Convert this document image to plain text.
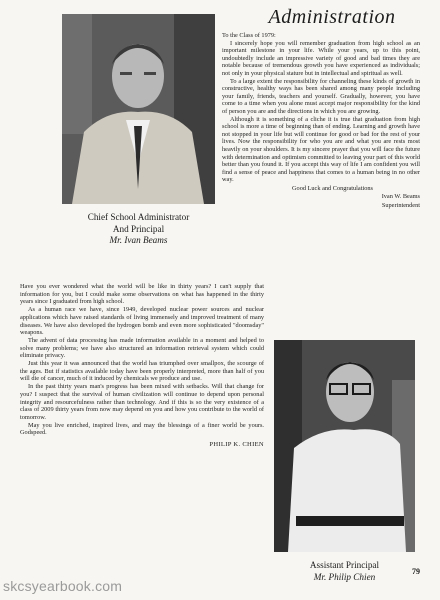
Administration
Chief School Administrator
And Principal
Mr. Ivan Beams

To the Class of 1979:

I sincerely hope you will remember graduation from high school as an important milestone in your life. While your years, up to this point, undoubtedly include an impressive variety of good and bad times they are notable because of tremendous growth you have experienced as individuals; not only in your physical stature but in intellectual and spiritual as well.

To a large extent the responsibility for channeling these kinds of growth in constructive, healthy ways has been shared among many people including your family, friends, teachers and yourself. Gradually, however, you have come to a time when you alone must accept major responsibility for the kind of person you are and the directions in which you are growing.

Although it is something of a cliche it is true that graduation from high school is more a time of beginning than of ending. Learning and growth have not stopped in your life but will continue for good or bad for the rest of your lives. Now the responsibility for who you are and what you are rests most heavily on your shoulders. It is my sincere prayer that you will face the future with determination and optimism committed to leaving your part of this world better than you found it. If you accept this way of life I am confident you will find a sense of peace and happiness that comes to a human being in no other way.

Good Luck and Congratulations

Ivan W. Beams

Superintendent

Have you ever wondered what the world will be like in thirty years? I can't supply that information for you, but I could make some observations on what has happened in the thirty years since I graduated from high school.

As a human race we have, since 1949, developed nuclear power sources and nuclear applications which have raised standards of living immensely and improved treatment of many diseases. We have also developed the hydrogen bomb and even more sophisticated "doomsday" weapons.

The advent of data processing has made information available in a moment and helped to solve many problems; we have also structured an information retrieval system which could eliminate privacy.

Just this year it was announced that the world has triumphed over smallpox, the scourge of the ages. But if statistics available today have been properly interpreted, more than half of you will die of cancer, much of it induced by chemicals we produce and use.

In the past thirty years man's progress has been mixed with setbacks. Will that change for you? I suspect that the survival of human civilization will continue to depend upon personal integrity and resourcefulness rather than technology. And if this is so the very existence of a class of 2009 thirty years from now may depend on you and how you contribute to the world of tomorrow.

May you live enriched, inspired lives, and may the blessings of a finer world be yours. Godspeed.

PHILIP K. CHIEN

Assistant Principal
Mr. Philip Chien	79
skcsyearbook.com
